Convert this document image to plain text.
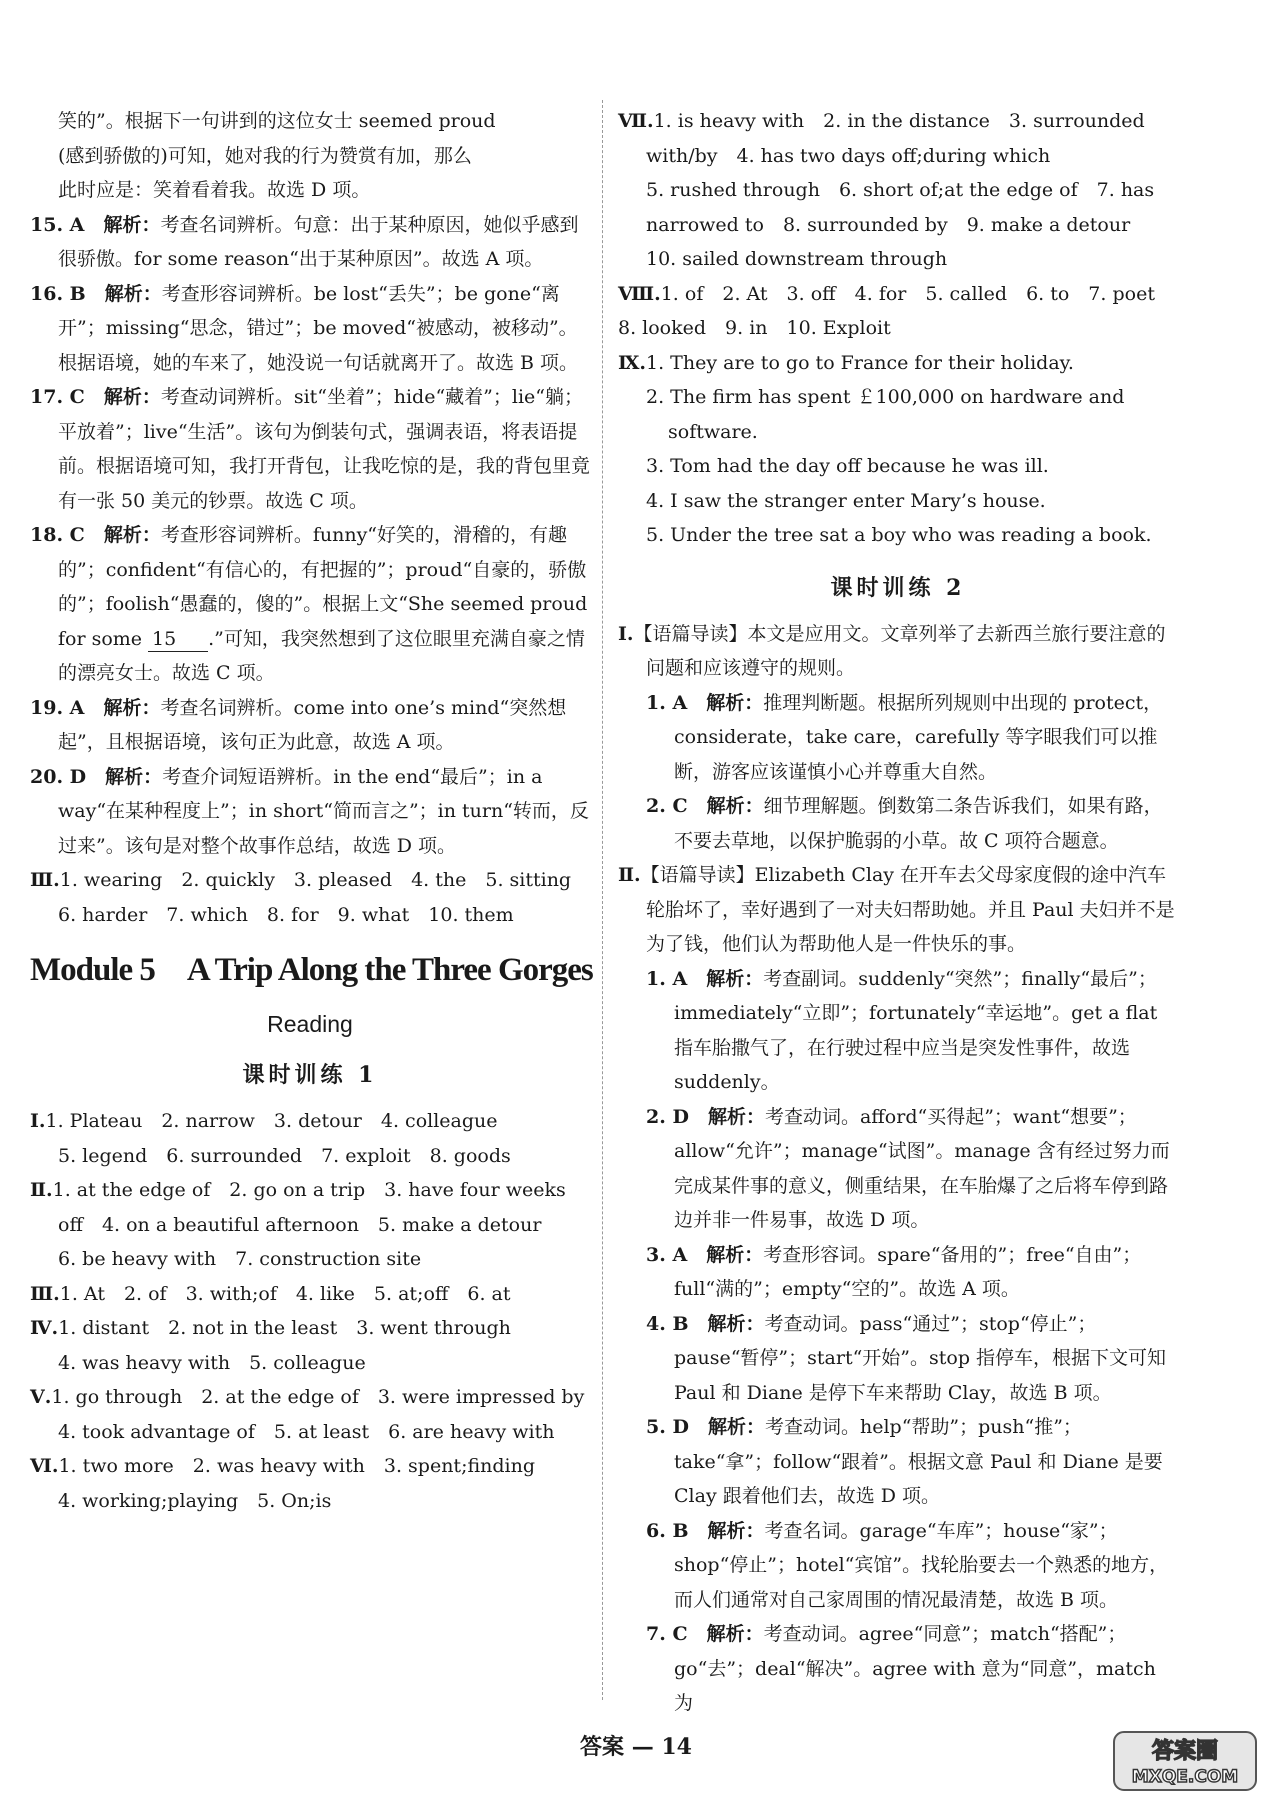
笑的”。根据下一句讲到的这位女士 seemed proud
(感到骄傲的)可知，她对我的行为赞赏有加，那么
此时应是：笑着看着我。故选 D 项。
15. A　 解析：考查名词辨析。句意：出于某种原因，她似乎感到很骄傲。for some reason“出于某种原因”。故选 A 项。
16. B　 解析：考查形容词辨析。be lost“丢失”；be gone“离开”；missing“思念，错过”；be moved“被感动，被移动”。根据语境，她的车来了，她没说一句话就离开了。故选 B 项。
17. C　 解析：考查动词辨析。sit“坐着”；hide“藏着”；lie“躺；平放着”；live“生活”。该句为倒装句式，强调表语，将表语提前。根据语境可知，我打开背包，让我吃惊的是，我的背包里竟有一张 50 美元的钞票。故选 C 项。
18. C　 解析：考查形容词辨析。funny“好笑的，滑稽的，有趣的”；confident“有信心的，有把握的”；proud“自豪的，骄傲的”；foolish“愚蠢的，傻的”。根据上文“She seemed proud for some 15 .”可知，我突然想到了这位眼里充满自豪之情的漂亮女士。故选 C 项。
19. A　 解析：考查名词辨析。come into one’s mind“突然想起”，且根据语境，该句正为此意，故选 A 项。
20. D　 解析：考查介词短语辨析。in the end“最后”；in a way“在某种程度上”；in short“简而言之”；in turn“转而，反过来”。该句是对整个故事作总结，故选 D 项。
Ⅲ.1. wearing　2. quickly　3. pleased　4. the　5. sitting
6. harder　7. which　8. for　9. what　10. them
Module 5　A Trip Along the Three Gorges
Reading
课时训练 1
Ⅰ.1. Plateau　2. narrow　3. detour　4. colleague
5. legend　6. surrounded　7. exploit　8. goods
Ⅱ.1. at the edge of　2. go on a trip　3. have four weeks
off　4. on a beautiful afternoon　5. make a detour
6. be heavy with　7. construction site
Ⅲ.1. At　2. of　3. with;of　4. like　5. at;off　6. at
Ⅳ.1. distant　2. not in the least　3. went through
4. was heavy with　5. colleague
Ⅴ.1. go through　2. at the edge of　3. were impressed by
4. took advantage of　5. at least　6. are heavy with
Ⅵ.1. two more　2. was heavy with　3. spent;finding
4. working;playing　5. On;is
Ⅶ.1. is heavy with　2. in the distance　3. surrounded
with/by　4. has two days off;during which
5. rushed through　6. short of;at the edge of　7. has
narrowed to　8. surrounded by　9. make a detour
10. sailed downstream through
Ⅷ.1. of　2. At　3. off　4. for　5. called　6. to　7. poet
8. looked　9. in　10. Exploit
Ⅸ.1. They are to go to France for their holiday.
2. The firm has spent ￡100,000 on hardware and
software.
3. Tom had the day off because he was ill.
4. I saw the stranger enter Mary’s house.
5. Under the tree sat a boy who was reading a book.
课时训练 2
Ⅰ.【语篇导读】本文是应用文。文章列举了去新西兰旅行要注意的问题和应该遵守的规则。
1. A　 解析：推理判断题。根据所列规则中出现的 protect，considerate，take care，carefully 等字眼我们可以推断，游客应该谨慎小心并尊重大自然。
2. C　 解析：细节理解题。倒数第二条告诉我们，如果有路，不要去草地，以保护脆弱的小草。故 C 项符合题意。
Ⅱ.【语篇导读】Elizabeth Clay 在开车去父母家度假的途中汽车轮胎坏了，幸好遇到了一对夫妇帮助她。并且 Paul 夫妇并不是为了钱，他们认为帮助他人是一件快乐的事。
1. A　 解析：考查副词。suddenly“突然”；finally“最后”；immediately“立即”；fortunately“幸运地”。get a flat 指车胎撒气了，在行驶过程中应当是突发性事件，故选 suddenly。
2. D　 解析：考查动词。afford“买得起”；want“想要”；allow“允许”；manage“试图”。manage 含有经过努力而完成某件事的意义，侧重结果，在车胎爆了之后将车停到路边并非一件易事，故选 D 项。
3. A　 解析：考查形容词。spare“备用的”；free“自由”；full“满的”；empty“空的”。故选 A 项。
4. B　 解析：考查动词。pass“通过”；stop“停止”；pause“暂停”；start“开始”。stop 指停车，根据下文可知 Paul 和 Diane 是停下车来帮助 Clay，故选 B 项。
5. D　 解析：考查动词。help“帮助”；push“推”；take“拿”；follow“跟着”。根据文意 Paul 和 Diane 是要 Clay 跟着他们去，故选 D 项。
6. B　 解析：考查名词。garage“车库”；house“家”；shop“停止”；hotel“宾馆”。找轮胎要去一个熟悉的地方，而人们通常对自己家周围的情况最清楚，故选 B 项。
7. C　 解析：考查动词。agree“同意”；match“搭配”；go“去”；deal“解决”。agree with 意为“同意”，match 为
答案 — 14	答案圈
MXQE.COM
